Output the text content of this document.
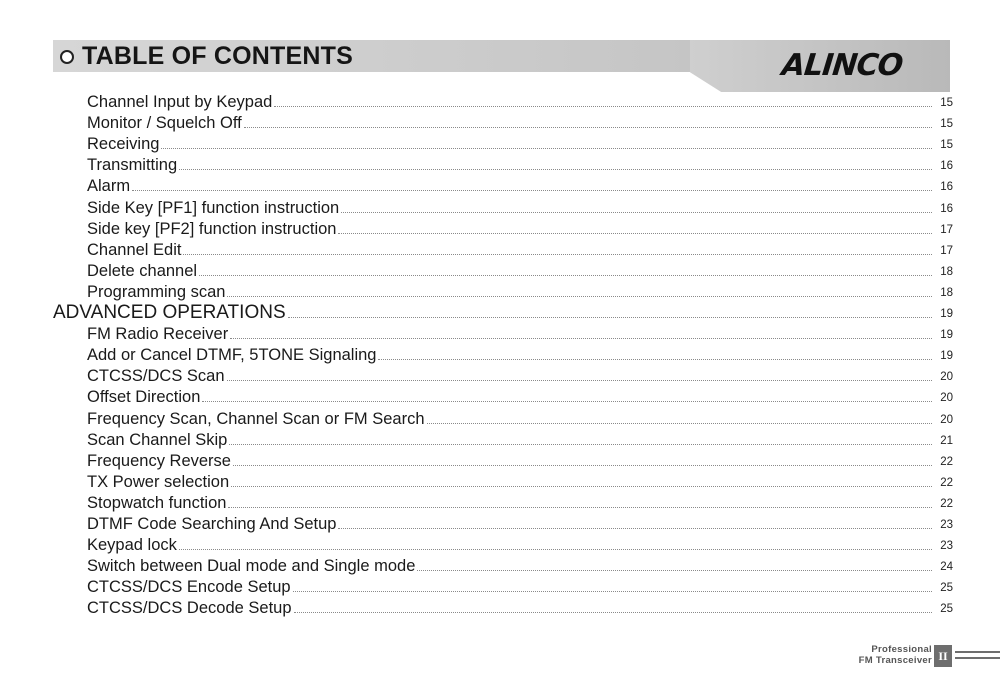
TABLE OF CONTENTS	ALINCO
Channel Input by Keypad	15
Monitor / Squelch Off	15
Receiving	15
Transmitting	16
Alarm	16
Side Key [PF1] function instruction	16
Side key [PF2] function instruction	17
Channel Edit	17
Delete channel	18
Programming scan	18
ADVANCED OPERATIONS	19
FM Radio Receiver	19
Add or Cancel DTMF, 5TONE Signaling	19
CTCSS/DCS Scan	20
Offset Direction	20
Frequency Scan, Channel Scan or FM Search	20
Scan Channel Skip	21
Frequency Reverse	22
TX Power selection	22
Stopwatch function	22
DTMF Code Searching And Setup	23
Keypad lock	23
Switch between Dual mode and Single mode	24
CTCSS/DCS Encode Setup	25
CTCSS/DCS Decode Setup	25
Professional
FM Transceiver II
